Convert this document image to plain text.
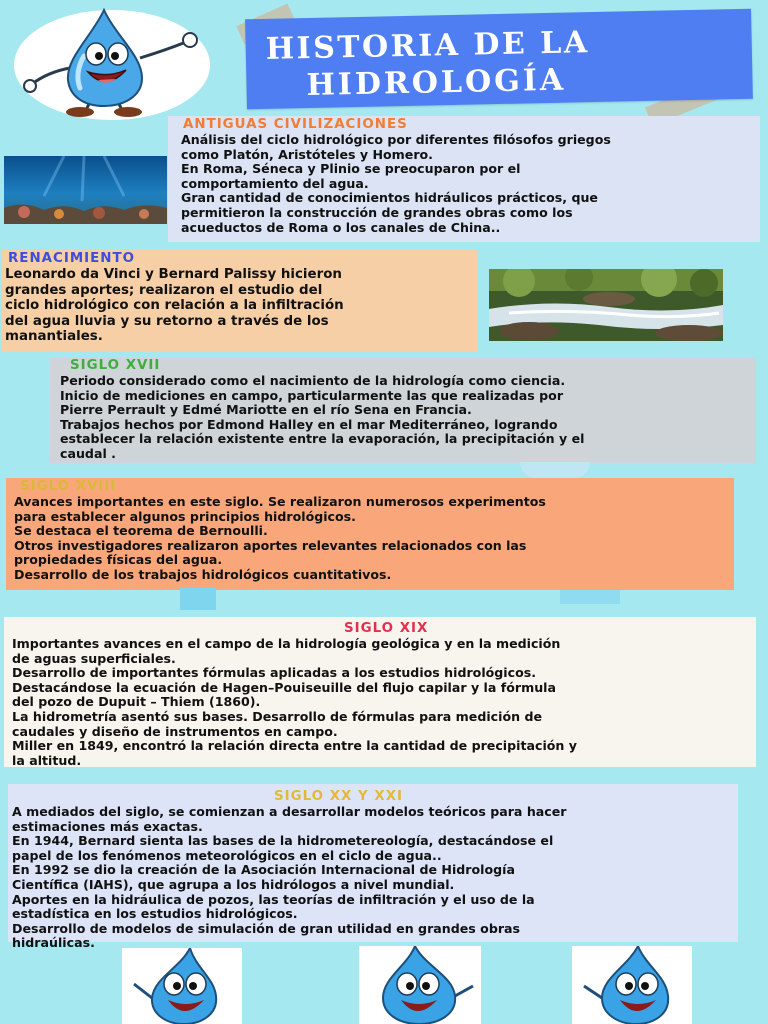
HISTORIA DE LA
HIDROLOGÍA
ANTIGUAS CIVILIZACIONES
Análisis del ciclo hidrológico por diferentes filósofos griegos
como Platón, Aristóteles y Homero.
En Roma, Séneca y Plinio se preocuparon por el
comportamiento del agua.
Gran cantidad de conocimientos hidráulicos prácticos, que
permitieron la construcción de grandes obras como los
acueductos de Roma o los canales de China..
RENACIMIENTO
Leonardo da Vinci y Bernard Palissy hicieron
grandes aportes; realizaron el estudio del
ciclo hidrológico con relación a la infiltración
del agua lluvia y su retorno a través de los
manantiales.
SIGLO XVII
Periodo considerado como el nacimiento de la hidrología como ciencia.
Inicio de mediciones en campo, particularmente las que realizadas por
Pierre Perrault y Edmé Mariotte en el río Sena en Francia.
Trabajos hechos por Edmond Halley en el mar Mediterráneo, logrando
establecer la relación existente entre la evaporación, la precipitación y el
caudal .
SIGLO XVIII
Avances importantes en este siglo. Se realizaron numerosos experimentos
para establecer algunos principios hidrológicos.
Se destaca el teorema de Bernoulli.
Otros investigadores realizaron aportes relevantes relacionados con las
propiedades físicas del agua.
Desarrollo de los trabajos hidrológicos cuantitativos.
SIGLO XIX
Importantes avances en el campo de la hidrología geológica y en la medición
de aguas superficiales.
Desarrollo de importantes fórmulas aplicadas a los estudios hidrológicos.
Destacándose la ecuación de Hagen–Pouiseuille del flujo capilar y la fórmula
del pozo de Dupuit – Thiem (1860).
La hidrometría asentó sus bases. Desarrollo de fórmulas para medición de
caudales y diseño de instrumentos en campo.
Miller en 1849, encontró la relación directa entre la cantidad de precipitación y
la altitud.
SIGLO XX Y XXI
A mediados del siglo, se comienzan a desarrollar modelos teóricos para hacer
estimaciones más exactas.
En 1944, Bernard sienta las bases de la hidrometereología, destacándose el
papel de los fenómenos meteorológicos en el ciclo de agua..
En 1992 se dio la creación de la Asociación Internacional de Hidrología
Científica (IAHS), que agrupa a los hidrólogos a nivel mundial.
Aportes en la hidráulica de pozos, las teorías de infiltración y el uso de la
estadística en los estudios hidrológicos.
Desarrollo de modelos de simulación de gran utilidad en grandes obras
hidraúlicas.
